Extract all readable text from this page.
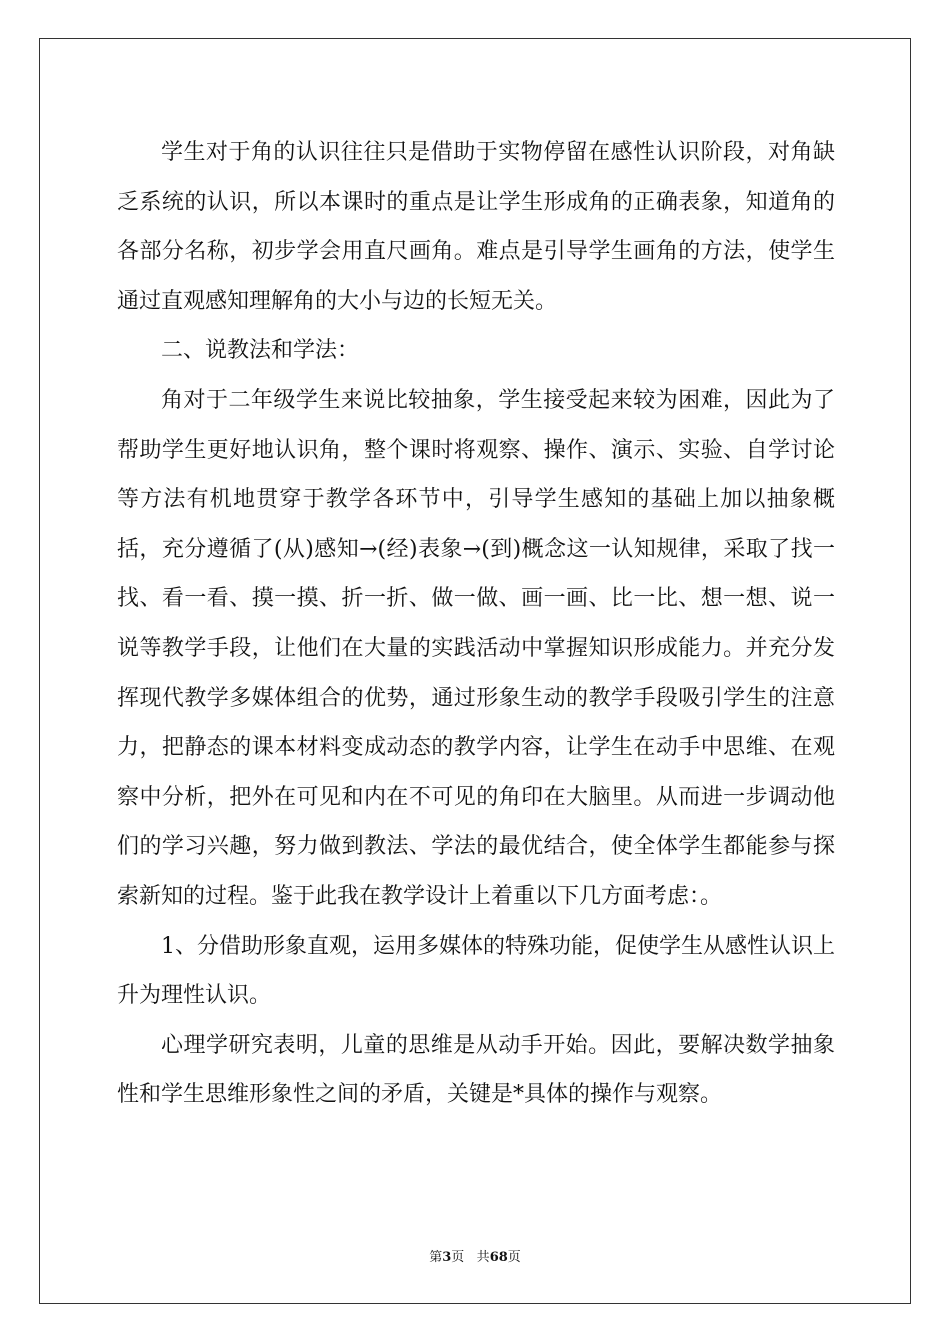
学生对于角的认识往往只是借助于实物停留在感性认识阶段，对角缺乏系统的认识，所以本课时的重点是让学生形成角的正确表象，知道角的各部分名称，初步学会用直尺画角。难点是引导学生画角的方法，使学生通过直观感知理解角的大小与边的长短无关。

二、说教法和学法：

角对于二年级学生来说比较抽象，学生接受起来较为困难，因此为了帮助学生更好地认识角，整个课时将观察、操作、演示、实验、自学讨论等方法有机地贯穿于教学各环节中，引导学生感知的基础上加以抽象概括，充分遵循了(从)感知→(经)表象→(到)概念这一认知规律，采取了找一找、看一看、摸一摸、折一折、做一做、画一画、比一比、想一想、说一说等教学手段，让他们在大量的实践活动中掌握知识形成能力。并充分发挥现代教学多媒体组合的优势，通过形象生动的教学手段吸引学生的注意力，把静态的课本材料变成动态的教学内容，让学生在动手中思维、在观察中分析，把外在可见和内在不可见的角印在大脑里。从而进一步调动他们的学习兴趣，努力做到教法、学法的最优结合，使全体学生都能参与探索新知的过程。鉴于此我在教学设计上着重以下几方面考虑：。

1、分借助形象直观，运用多媒体的特殊功能，促使学生从感性认识上升为理性认识。

心理学研究表明，儿童的思维是从动手开始。因此，要解决数学抽象性和学生思维形象性之间的矛盾，关键是*具体的操作与观察。

第3页 共68页
